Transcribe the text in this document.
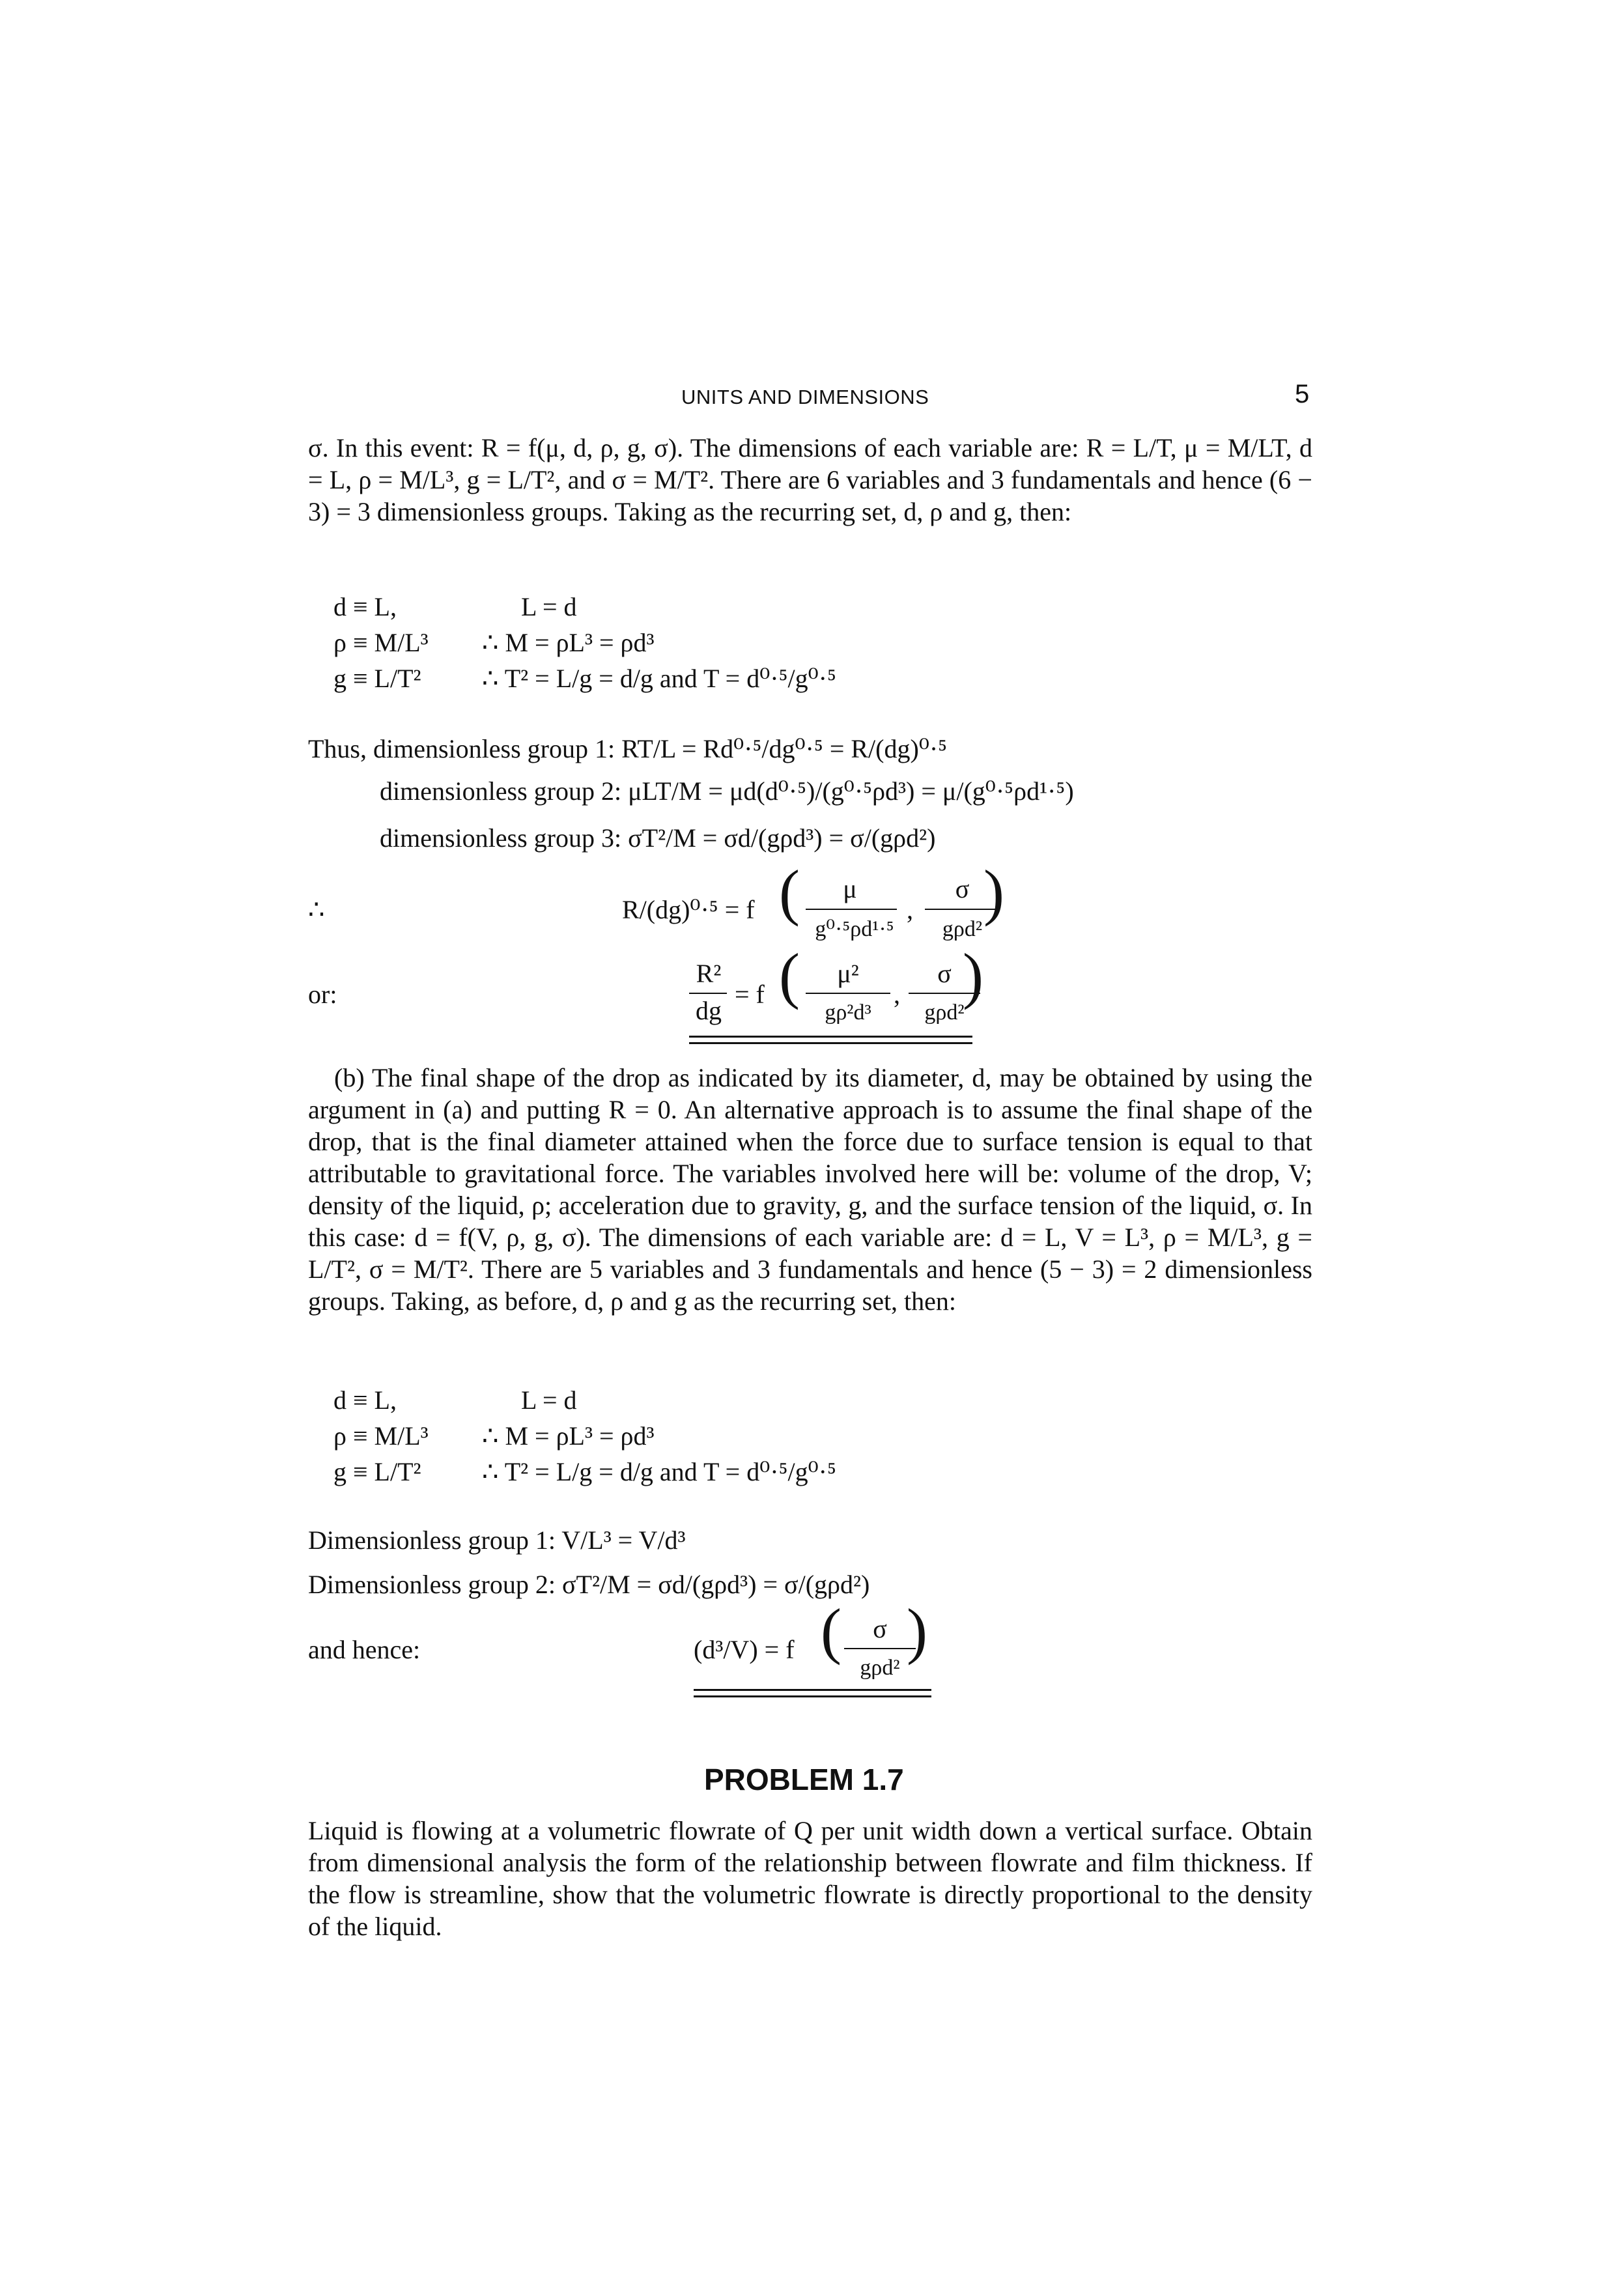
UNITS AND DIMENSIONS	5
σ. In this event: R = f(μ, d, ρ, g, σ). The dimensions of each variable are: R = L/T, μ = M/LT, d = L, ρ = M/L³, g = L/T², and σ = M/T². There are 6 variables and 3 fundamentals and hence (6 − 3) = 3 dimensionless groups. Taking as the recurring set, d, ρ and g, then:
d ≡ L,	L = d
ρ ≡ M/L³ ∴ M = ρL³ = ρd³
g ≡ L/T² ∴ T² = L/g = d/g and T = d⁰·⁵/g⁰·⁵
Thus, dimensionless group 1: RT/L = Rd⁰·⁵/dg⁰·⁵ = R/(dg)⁰·⁵
dimensionless group 2: μLT/M = μd(d⁰·⁵)/(g⁰·⁵ρd³) = μ/(g⁰·⁵ρd¹·⁵)
dimensionless group 3: σT²/M = σd/(gρd³) = σ/(gρd²)
∴	R/(dg)⁰·⁵ = f (	μ
g⁰·⁵ρd¹·⁵
,
σ
gρd²
)
or:
R²
dg
= f (	μ²
gρ²d³
,
σ
gρd²
)
(b) The final shape of the drop as indicated by its diameter, d, may be obtained by using the argument in (a) and putting R = 0. An alternative approach is to assume the final shape of the drop, that is the final diameter attained when the force due to surface tension is equal to that attributable to gravitational force. The variables involved here will be: volume of the drop, V; density of the liquid, ρ; acceleration due to gravity, g, and the surface tension of the liquid, σ. In this case: d = f(V, ρ, g, σ). The dimensions of each variable are: d = L, V = L³, ρ = M/L³, g = L/T², σ = M/T². There are 5 variables and 3 fundamentals and hence (5 − 3) = 2 dimensionless groups. Taking, as before, d, ρ and g as the recurring set, then:
d ≡ L,	L = d
ρ ≡ M/L³ ∴ M = ρL³ = ρd³
g ≡ L/T² ∴ T² = L/g = d/g and T = d⁰·⁵/g⁰·⁵
Dimensionless group 1: V/L³ = V/d³
Dimensionless group 2: σT²/M = σd/(gρd³) = σ/(gρd²)
and hence:	(d³/V) = f (	σ
gρd²
)
PROBLEM 1.7
Liquid is flowing at a volumetric flowrate of Q per unit width down a vertical surface. Obtain from dimensional analysis the form of the relationship between flowrate and film thickness. If the flow is streamline, show that the volumetric flowrate is directly proportional to the density of the liquid.
